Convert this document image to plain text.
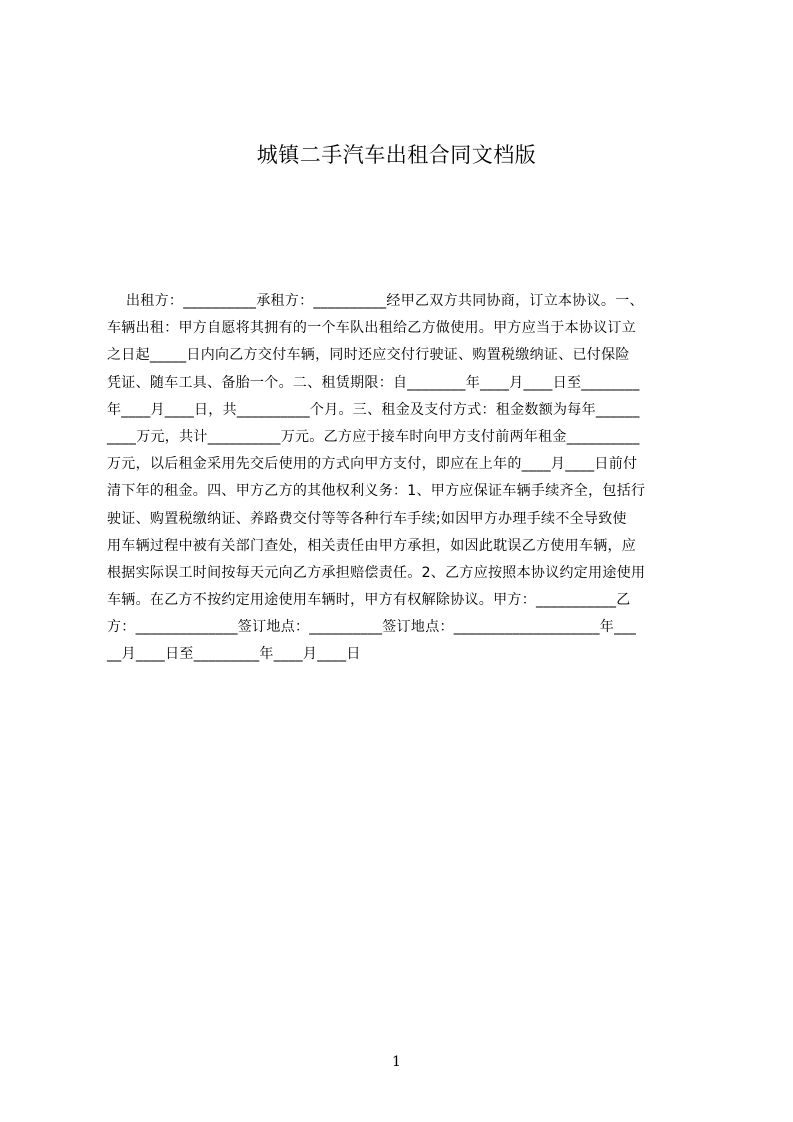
城镇二手汽车出租合同文档版
出租方：__________承租方：__________经甲乙双方共同协商，订立本协议。一、
车辆出租：甲方自愿将其拥有的一个车队出租给乙方做使用。甲方应当于本协议订立
之日起_____日内向乙方交付车辆，同时还应交付行驶证、购置税缴纳证、已付保险
凭证、随车工具、备胎一个。二、租赁期限：自________年____月____日至________
年____月____日，共__________个月。三、租金及支付方式：租金数额为每年______
____万元，共计__________万元。乙方应于接车时向甲方支付前两年租金__________
万元，以后租金采用先交后使用的方式向甲方支付，即应在上年的____月____日前付
清下年的租金。四、甲方乙方的其他权利义务：1、甲方应保证车辆手续齐全，包括行
驶证、购置税缴纳证、养路费交付等等各种行车手续;如因甲方办理手续不全导致使
用车辆过程中被有关部门查处，相关责任由甲方承担，如因此耽误乙方使用车辆，应
根据实际误工时间按每天元向乙方承担赔偿责任。2、乙方应按照本协议约定用途使用
车辆。在乙方不按约定用途使用车辆时，甲方有权解除协议。甲方：___________乙
方：______________签订地点：__________签订地点：____________________年___
__月____日至_________年____月____日
1
